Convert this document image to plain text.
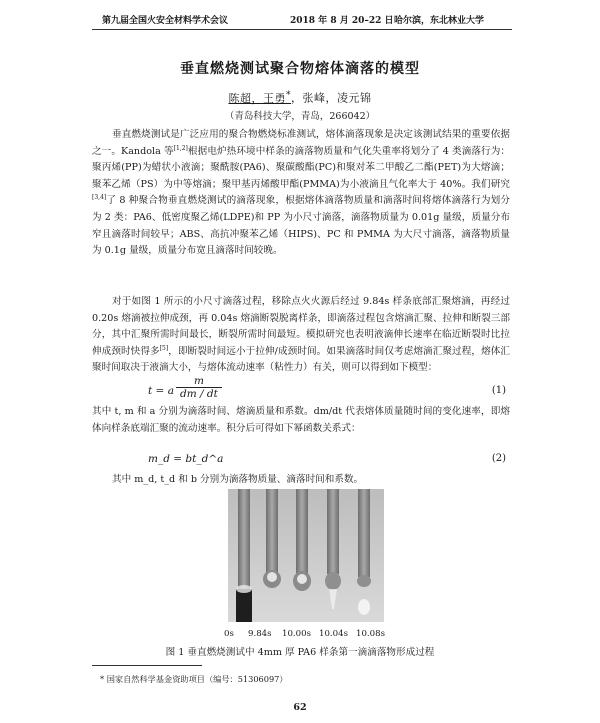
第九届全国火安全材料学术会议	2018 年 8 月 20–22 日 哈尔滨，东北林业大学
垂直燃烧测试聚合物熔体滴落的模型
陈超，王勇*，张峰，凌元锦
（青岛科技大学，青岛，266042）
垂直燃烧测试是广泛应用的聚合物燃烧标准测试，熔体滴落现象是决定该测试结果的重要依据之一。Kandola 等[1,2]根据电炉热环境中样条的滴落物质量和气化失重率将划分了 4 类滴落行为：聚丙烯(PP)为蜡状小液滴；聚酰胺(PA6)、聚碳酸酯(PC)和聚对苯二甲酸乙二酯(PET)为大熔滴；聚苯乙烯（PS）为中等熔滴；聚甲基丙烯酸甲酯(PMMA)为小液滴且气化率大于 40%。我们研究[3,4]了 8 种聚合物垂直燃烧测试的滴落现象，根据熔体滴落物质量和滴落时间将熔体滴落行为划分为 2 类：PA6、低密度聚乙烯(LDPE)和 PP 为小尺寸滴落，滴落物质量为 0.01g 量级，质量分布窄且滴落时间较早；ABS、高抗冲聚苯乙烯（HIPS)、PC 和 PMMA 为大尺寸滴落，滴落物质量为 0.1g 量级，质量分布宽且滴落时间较晚。
对于如图 1 所示的小尺寸滴落过程，移除点火火源后经过 9.84s 样条底部汇聚熔滴，再经过 0.20s 熔滴被拉伸成颈，再 0.04s 熔滴断裂脱离样条，即滴落过程包含熔滴汇聚、拉伸和断裂三部分，其中汇聚所需时间最长，断裂所需时间最短。模拟研究也表明液滴伸长速率在临近断裂时比拉伸成颈时快得多[5]，即断裂时间远小于拉伸/成颈时间。如果滴落时间仅考虑熔滴汇聚过程，熔体汇聚时间取决于液滴大小，与熔体流动速率（粘性力）有关，则可以得到如下模型：
t = a $\frac{m}{dm / dt}$	(1)
其中 t, m 和 a 分别为滴落时间、熔滴质量和系数。dm/dt 代表熔体质量随时间的变化速率，即熔体向样条底端汇聚的流动速率。积分后可得如下幂函数关系式：
m_d = bt_d^a	(2)
其中 m_d, t_d 和 b 分别为滴落物质量、滴落时间和系数。
0s 9.84s 10.00s 10.04s 10.08s
图 1 垂直燃烧测试中 4mm 厚 PA6 样条第一滴滴落物形成过程
* 国家自然科学基金资助项目（编号：51306097）
62
